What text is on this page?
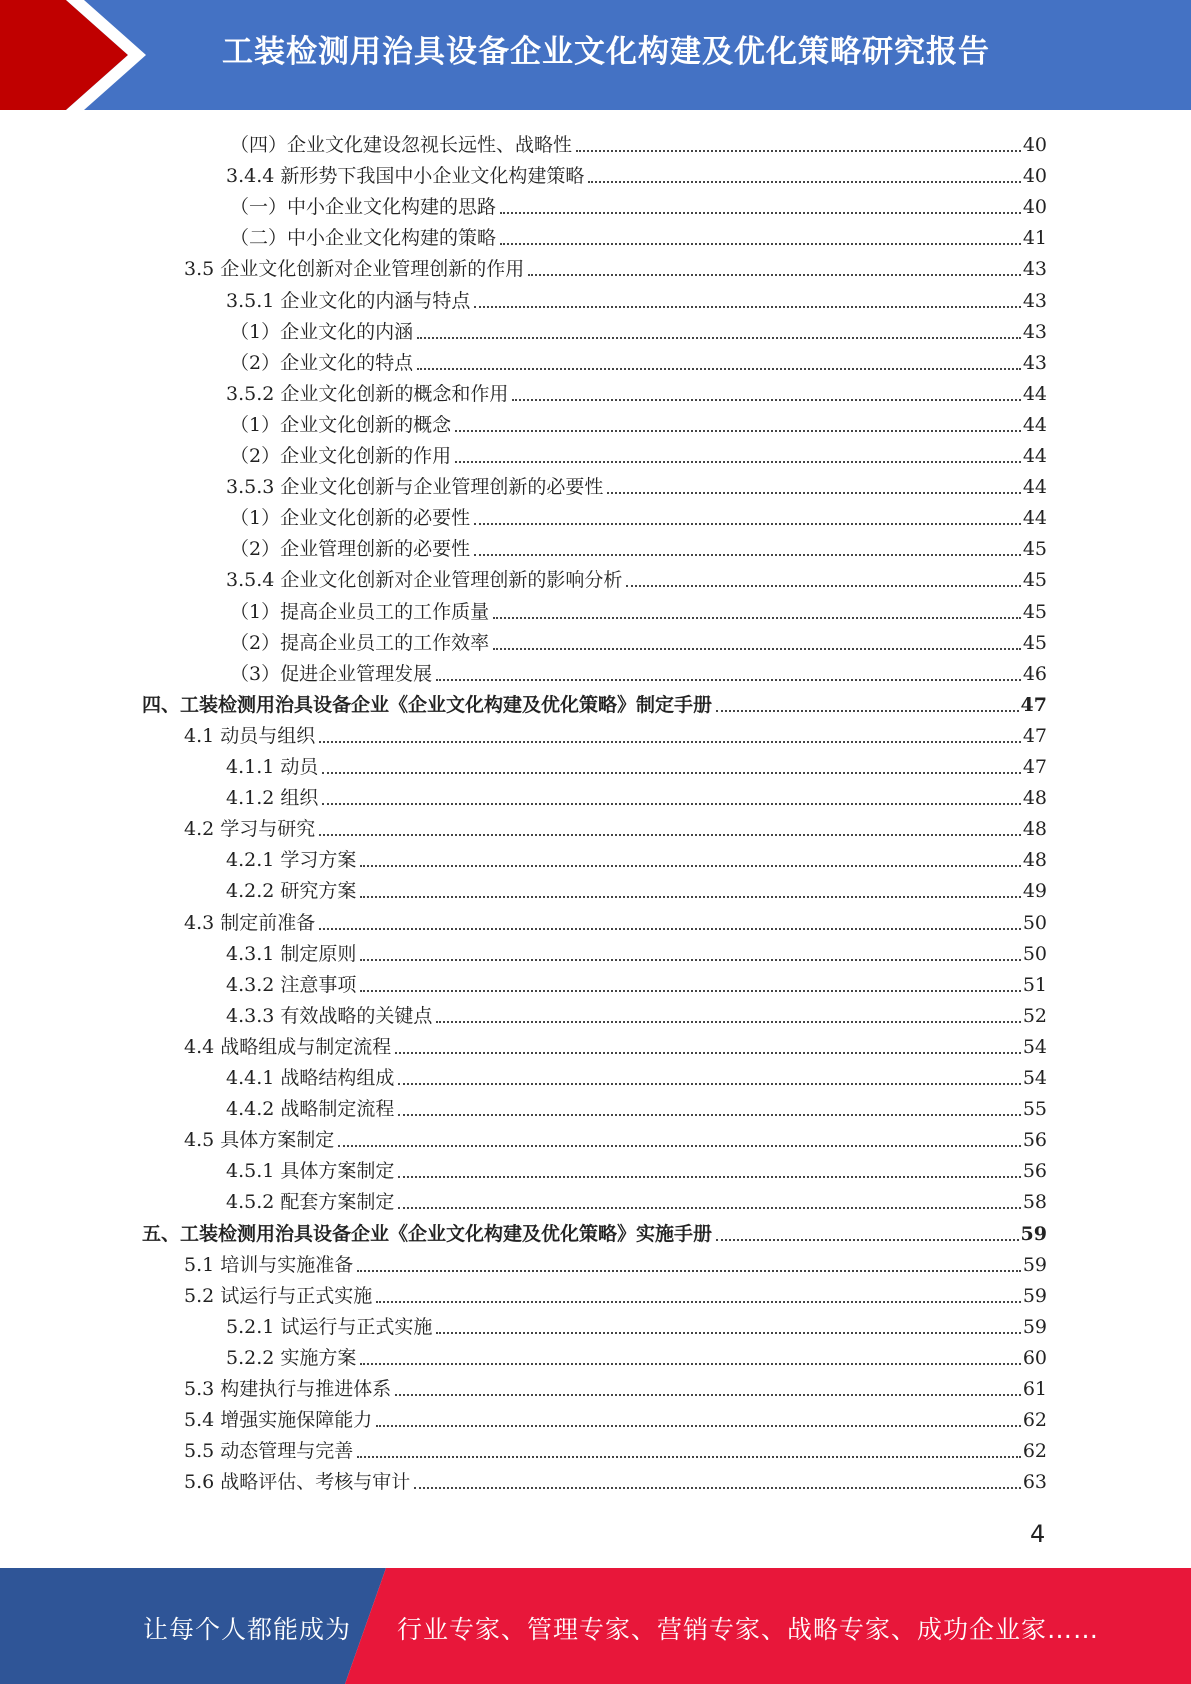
工装检测用治具设备企业文化构建及优化策略研究报告
（四）企业文化建设忽视长远性、战略性	40
3.4.4 新形势下我国中小企业文化构建策略	40
（一）中小企业文化构建的思路	40
（二）中小企业文化构建的策略	41
3.5 企业文化创新对企业管理创新的作用	43
3.5.1 企业文化的内涵与特点	43
（1）企业文化的内涵	43
（2）企业文化的特点	43
3.5.2 企业文化创新的概念和作用	44
（1）企业文化创新的概念	44
（2）企业文化创新的作用	44
3.5.3 企业文化创新与企业管理创新的必要性	44
（1）企业文化创新的必要性	44
（2）企业管理创新的必要性	45
3.5.4 企业文化创新对企业管理创新的影响分析	45
（1）提高企业员工的工作质量	45
（2）提高企业员工的工作效率	45
（3）促进企业管理发展	46
四、工装检测用治具设备企业《企业文化构建及优化策略》制定手册	47
4.1 动员与组织	47
4.1.1 动员	47
4.1.2 组织	48
4.2 学习与研究	48
4.2.1 学习方案	48
4.2.2 研究方案	49
4.3 制定前准备	50
4.3.1 制定原则	50
4.3.2 注意事项	51
4.3.3 有效战略的关键点	52
4.4 战略组成与制定流程	54
4.4.1 战略结构组成	54
4.4.2 战略制定流程	55
4.5 具体方案制定	56
4.5.1 具体方案制定	56
4.5.2 配套方案制定	58
五、工装检测用治具设备企业《企业文化构建及优化策略》实施手册	59
5.1 培训与实施准备	59
5.2 试运行与正式实施	59
5.2.1 试运行与正式实施	59
5.2.2 实施方案	60
5.3 构建执行与推进体系	61
5.4 增强实施保障能力	62
5.5 动态管理与完善	62
5.6 战略评估、考核与审计	63
4
让每个人都能成为 行业专家、管理专家、营销专家、战略专家、成功企业家……
